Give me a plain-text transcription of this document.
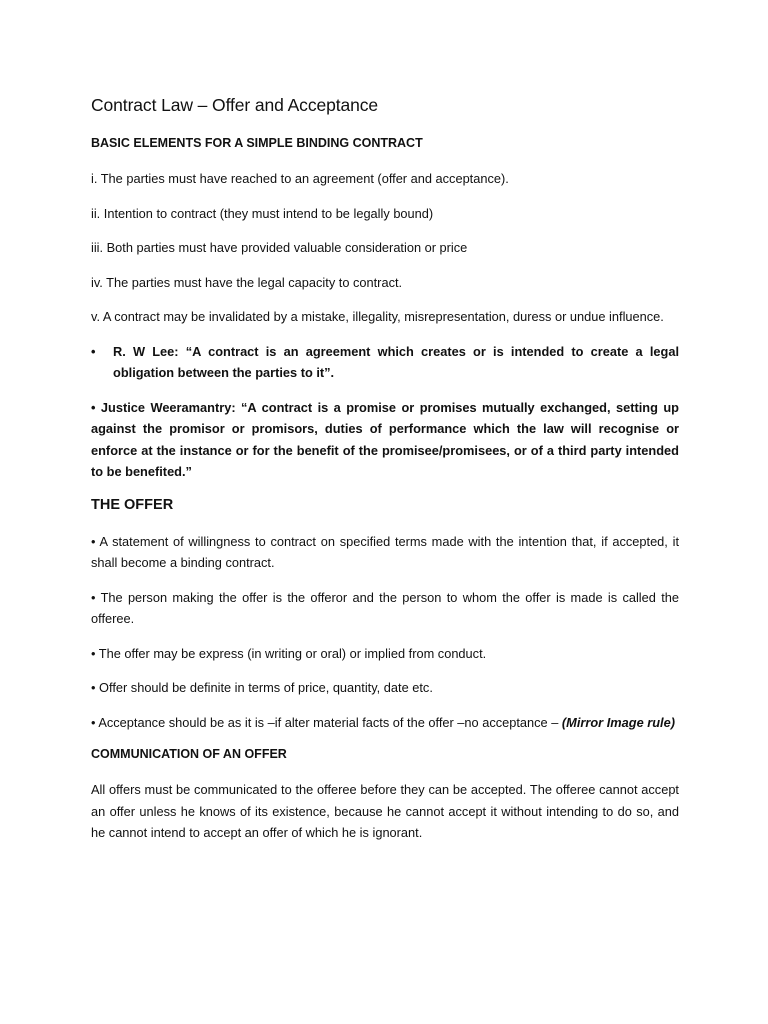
Contract Law – Offer and Acceptance
BASIC ELEMENTS FOR A SIMPLE BINDING CONTRACT

i. The parties must have reached to an agreement (offer and acceptance).

ii. Intention to contract (they must intend to be legally bound)

iii. Both parties must have provided valuable consideration or price

iv. The parties must have the legal capacity to contract.

v. A contract may be invalidated by a mistake, illegality, misrepresentation, duress or undue influence.

•	R. W Lee: “A contract is an agreement which creates or is intended to create a legal obligation between the parties to it”.

• Justice Weeramantry: “A contract is a promise or promises mutually exchanged, setting up against the promisor or promisors, duties of performance which the law will recognise or enforce at the instance or for the benefit of the promisee/promisees, or of a third party intended to be benefited.”

THE OFFER

• A statement of willingness to contract on specified terms made with the intention that, if accepted, it shall become a binding contract.

• The person making the offer is the offeror and the person to whom the offer is made is called the offeree.

• The offer may be express (in writing or oral) or implied from conduct.

• Offer should be definite in terms of price, quantity, date etc.

• Acceptance should be as it is –if alter material facts of the offer –no acceptance – (Mirror Image rule)

COMMUNICATION OF AN OFFER

All offers must be communicated to the offeree before they can be accepted. The offeree cannot accept an offer unless he knows of its existence, because he cannot accept it without intending to do so, and he cannot intend to accept an offer of which he is ignorant.
